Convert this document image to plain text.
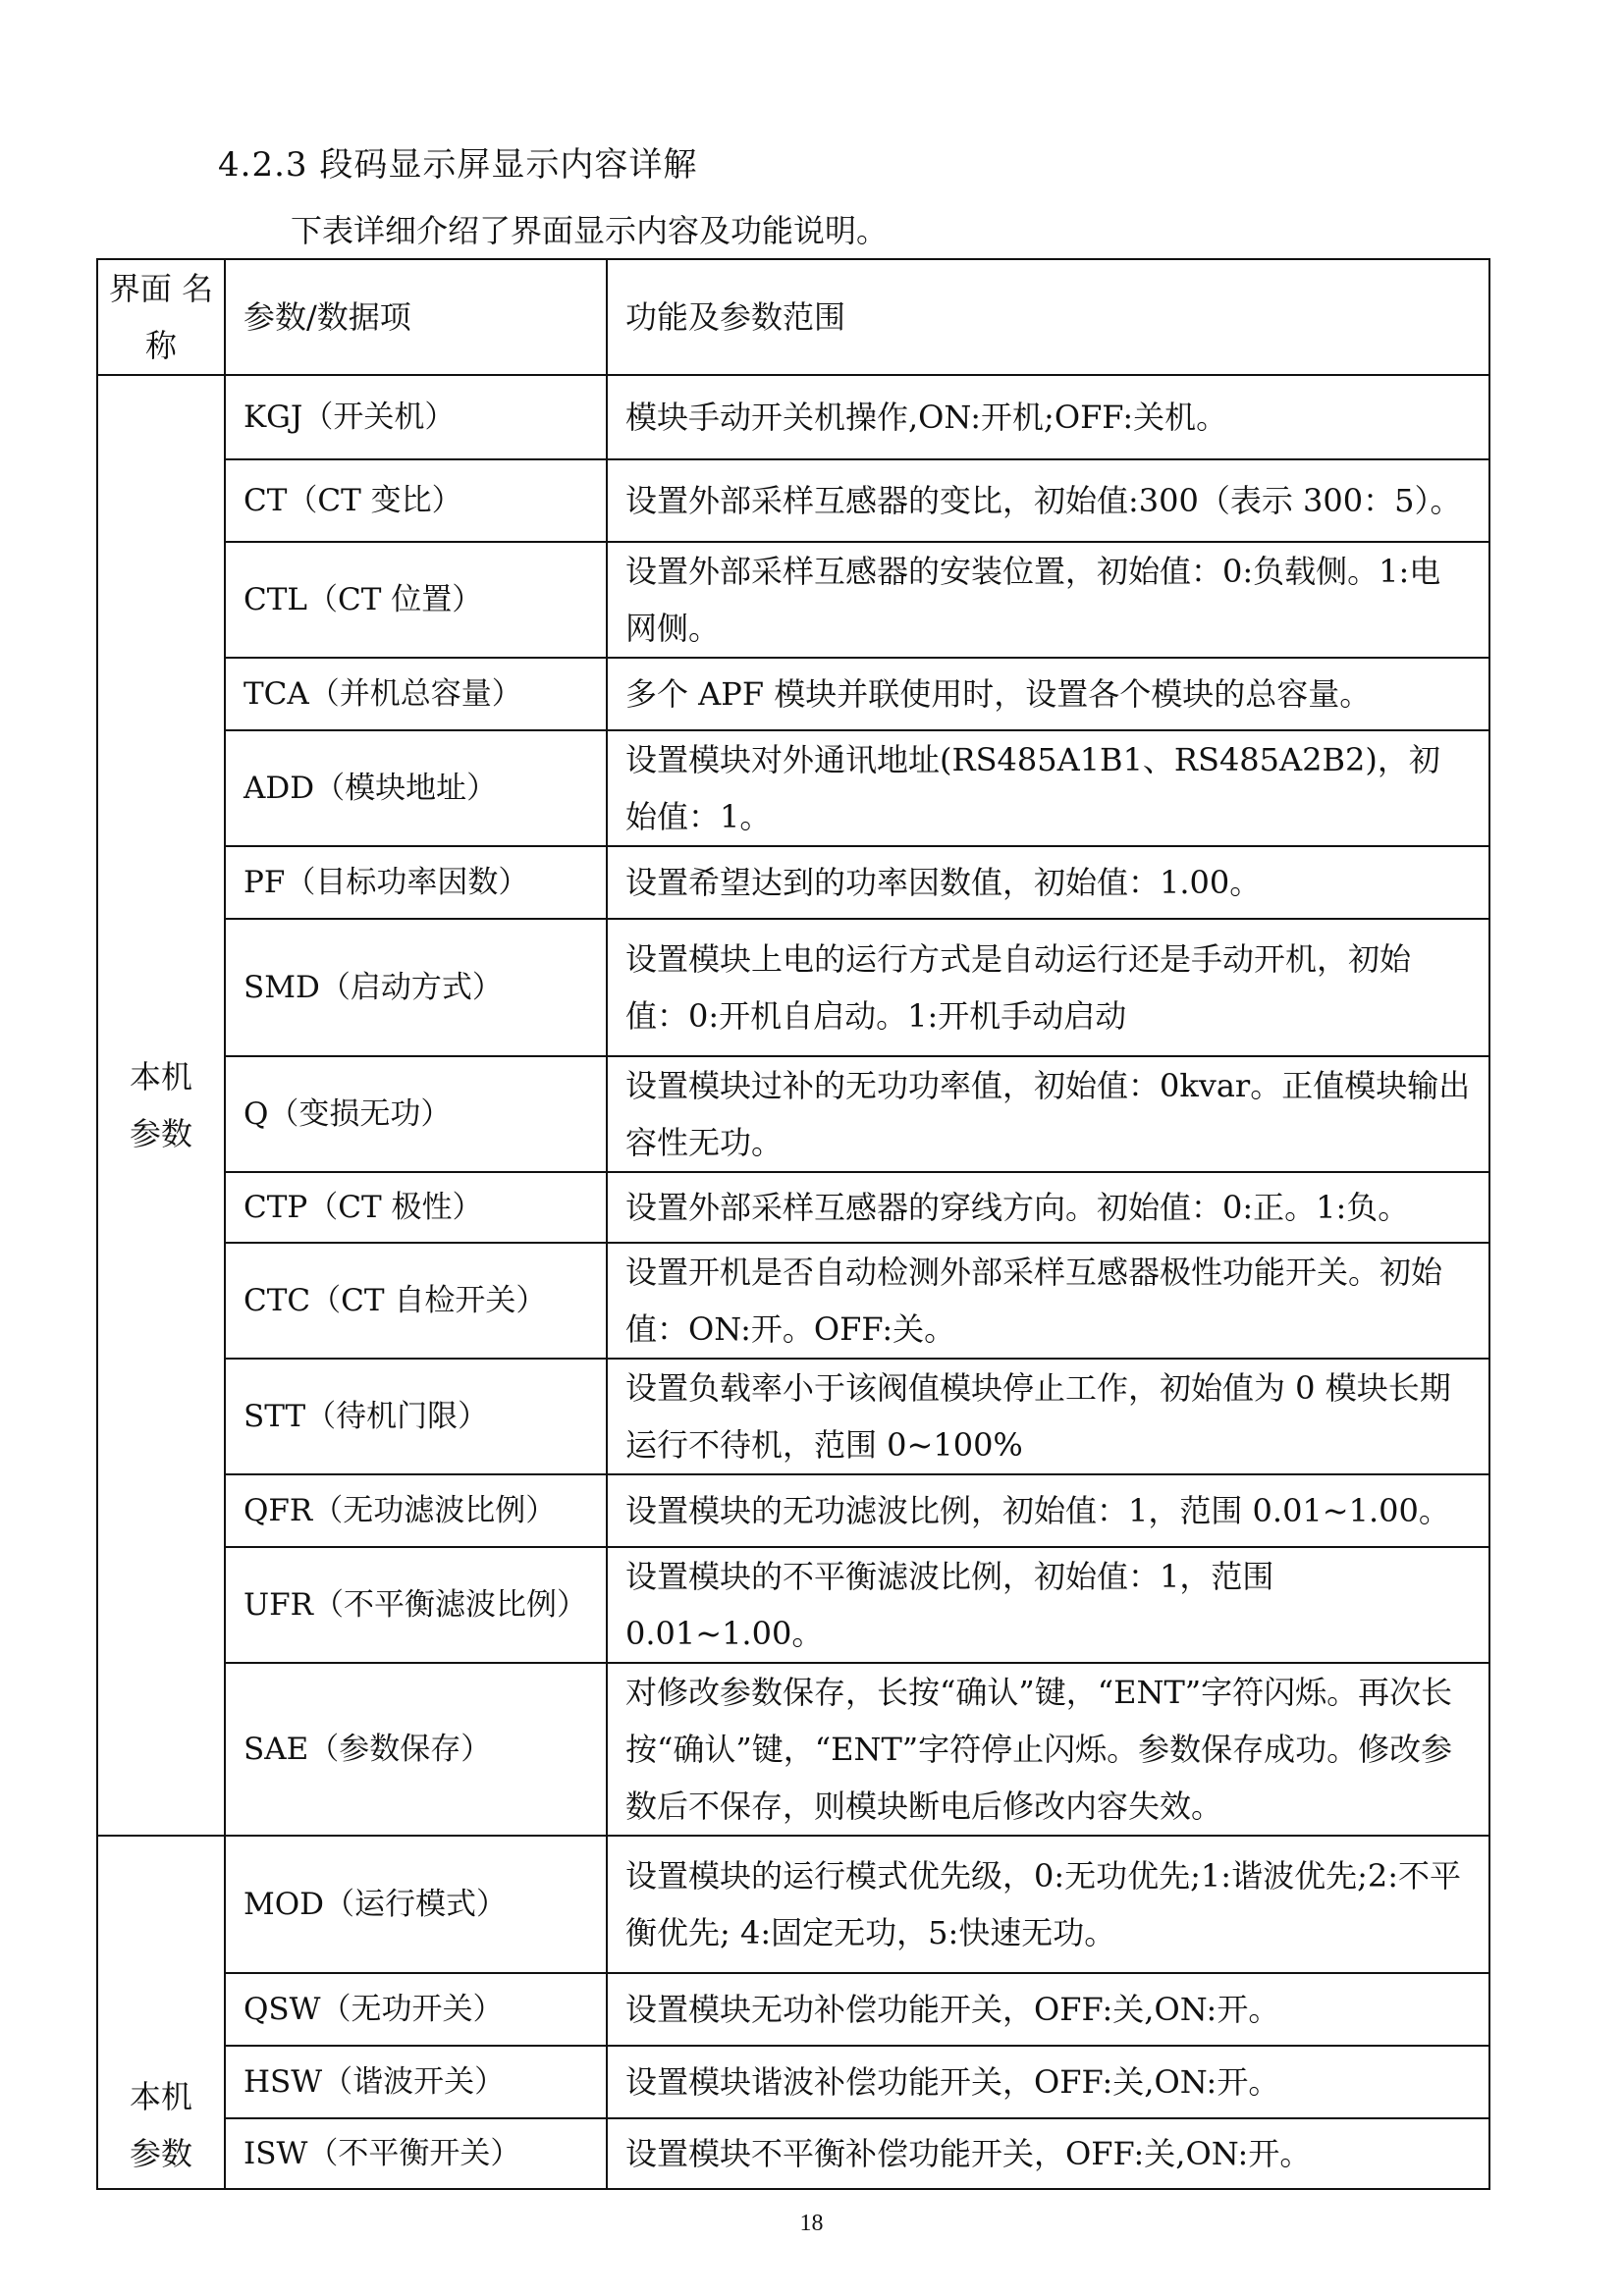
4.2.3 段码显示屏显示内容详解
下表详细介绍了界面显示内容及功能说明。
界面 名称	参数/数据项	功能及参数范围

本机
参数	KGJ（开关机）	模块手动开关机操作,ON:开机;OFF:关机。
	CT（CT 变比）	设置外部采样互感器的变比，初始值:300（表示 300：5）。
	CTL（CT 位置）	设置外部采样互感器的安装位置，初始值：0:负载侧。1:电网侧。
	TCA（并机总容量）	多个 APF 模块并联使用时，设置各个模块的总容量。
	ADD（模块地址）	设置模块对外通讯地址(RS485A1B1、RS485A2B2)，初始值：1。
	PF（目标功率因数）	设置希望达到的功率因数值，初始值：1.00。
	SMD（启动方式）	设置模块上电的运行方式是自动运行还是手动开机，初始值：0:开机自启动。1:开机手动启动
	Q（变损无功）	设置模块过补的无功功率值，初始值：0kvar。正值模块输出容性无功。
	CTP（CT 极性）	设置外部采样互感器的穿线方向。初始值：0:正。1:负。
	CTC（CT 自检开关）	设置开机是否自动检测外部采样互感器极性功能开关。初始值：ON:开。OFF:关。
	STT（待机门限）	设置负载率小于该阀值模块停止工作，初始值为 0 模块长期运行不待机，范围 0~100%
	QFR（无功滤波比例）	设置模块的无功滤波比例，初始值：1，范围 0.01~1.00。
	UFR（不平衡滤波比例）	设置模块的不平衡滤波比例，初始值：1，范围 0.01~1.00。
	SAE（参数保存）	对修改参数保存，长按“确认”键，“ENT”字符闪烁。再次长按“确认”键，“ENT”字符停止闪烁。参数保存成功。修改参数后不保存，则模块断电后修改内容失效。

本机
参数	MOD（运行模式）	设置模块的运行模式优先级，0:无功优先;1:谐波优先;2:不平衡优先; 4:固定无功，5:快速无功。
	QSW（无功开关）	设置模块无功补偿功能开关，OFF:关,ON:开。
	HSW（谐波开关）	设置模块谐波补偿功能开关，OFF:关,ON:开。
	ISW（不平衡开关）	设置模块不平衡补偿功能开关，OFF:关,ON:开。
18
